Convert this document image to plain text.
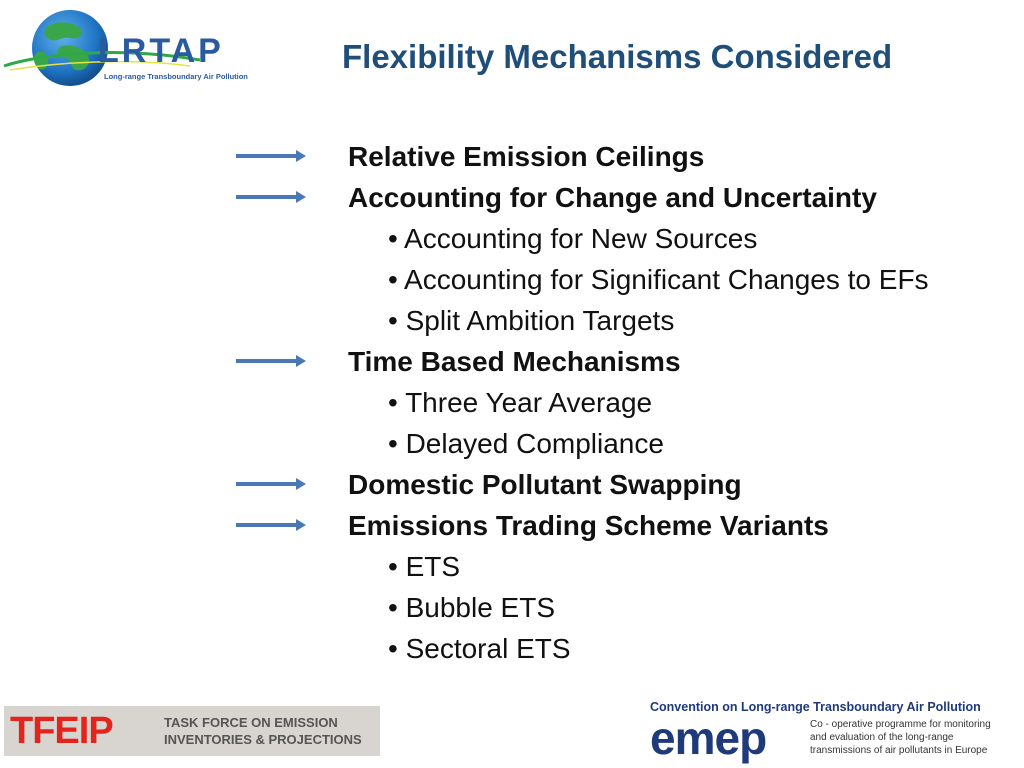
LRTAP
Long-range Transboundary Air Pollution
Flexibility Mechanisms Considered
Relative Emission Ceilings
Accounting for Change and Uncertainty
• Accounting for New Sources
• Accounting for Significant Changes to EFs
• Split Ambition Targets
Time Based Mechanisms
• Three Year Average
• Delayed Compliance
Domestic Pollutant Swapping
Emissions Trading Scheme Variants
• ETS
• Bubble ETS
• Sectoral ETS
TFEIP	TASK FORCE ON EMISSION
INVENTORIES & PROJECTIONS
Convention on Long-range Transboundary Air Pollution
emep	Co - operative programme for monitoring
and evaluation of the long-range
transmissions of air pollutants in Europe
